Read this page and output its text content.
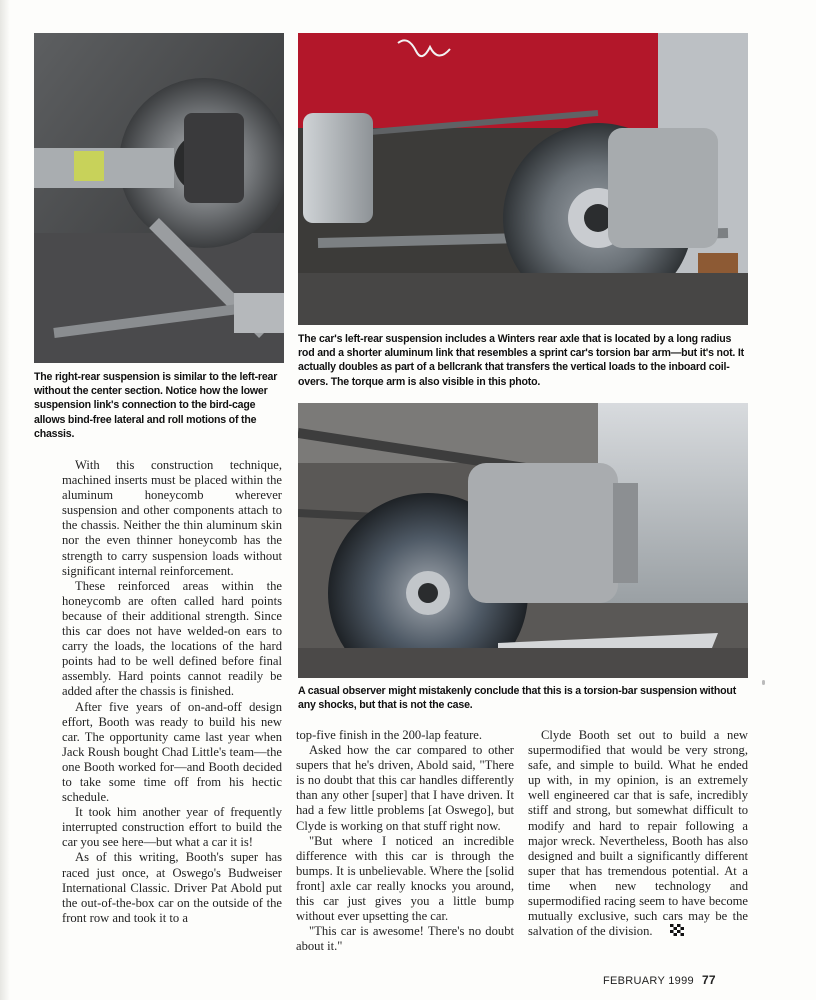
The right-rear suspension is similar to the left-rear without the center section. Notice how the lower suspension link's connection to the bird-cage allows bind-free lateral and roll motions of the chassis.
The car's left-rear suspension includes a Winters rear axle that is located by a long radius rod and a shorter aluminum link that resembles a sprint car's torsion bar arm—but it's not. It actually doubles as part of a bellcrank that transfers the vertical loads to the inboard coil-overs. The torque arm is also visible in this photo.
A casual observer might mistakenly conclude that this is a torsion-bar suspension without any shocks, but that is not the case.

With this construction technique, machined inserts must be placed within the aluminum honeycomb wherever suspension and other components attach to the chassis. Neither the thin aluminum skin nor the even thinner honeycomb has the strength to carry suspension loads without significant internal reinforcement.

These reinforced areas within the honeycomb are often called hard points because of their additional strength. Since this car does not have welded-on ears to carry the loads, the locations of the hard points had to be well defined before final assembly. Hard points cannot readily be added after the chassis is finished.

After five years of on-and-off design effort, Booth was ready to build his new car. The opportunity came last year when Jack Roush bought Chad Little's team—the one Booth worked for—and Booth decided to take some time off from his hectic schedule.

It took him another year of frequently interrupted construction effort to build the car you see here—but what a car it is!

As of this writing, Booth's super has raced just once, at Oswego's Budweiser International Classic. Driver Pat Abold put the out-of-the-box car on the outside of the front row and took it to a

top-five finish in the 200-lap feature.

Asked how the car compared to other supers that he's driven, Abold said, "There is no doubt that this car handles differently than any other [super] that I have driven. It had a few little problems [at Oswego], but Clyde is working on that stuff right now.

"But where I noticed an incredible difference with this car is through the bumps. It is unbelievable. Where the [solid front] axle car really knocks you around, this car just gives you a little bump without ever upsetting the car.

"This car is awesome! There's no doubt about it."

Clyde Booth set out to build a new supermodified that would be very strong, safe, and simple to build. What he ended up with, in my opinion, is an extremely well engineered car that is safe, incredibly stiff and strong, but somewhat difficult to modify and hard to repair following a major wreck. Nevertheless, Booth has also designed and built a significantly different super that has tremendous potential. At a time when new technology and supermodified racing seem to have become mutually exclusive, such cars may be the salvation of the division.

FEBRUARY 1999 77
